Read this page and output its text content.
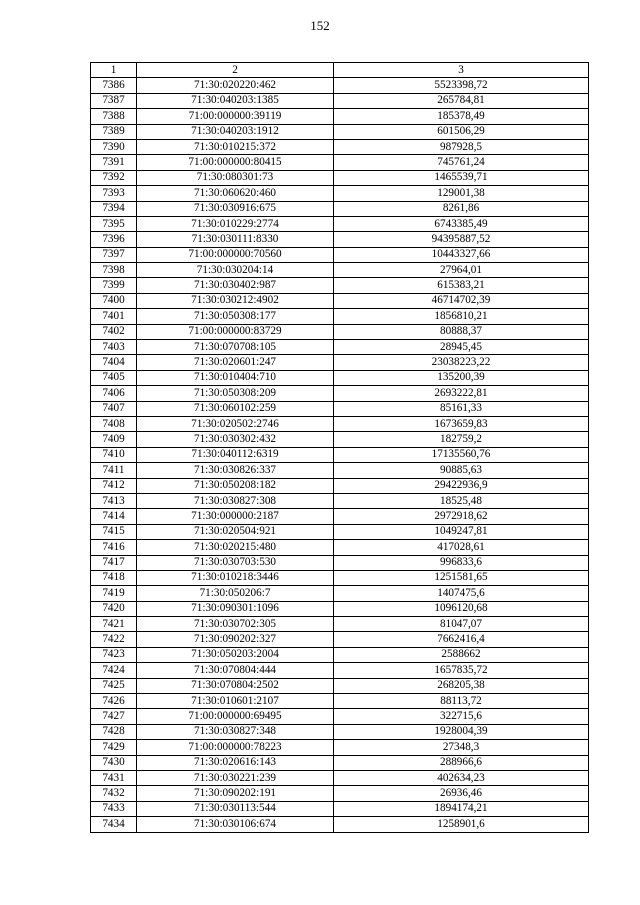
152
1	2	3
7386	71:30:020220:462	5523398,72
7387	71:30:040203:1385	265784,81
7388	71:00:000000:39119	185378,49
7389	71:30:040203:1912	601506,29
7390	71:30:010215:372	987928,5
7391	71:00:000000:80415	745761,24
7392	71:30:080301:73	1465539,71
7393	71:30:060620:460	129001,38
7394	71:30:030916:675	8261,86
7395	71:30:010229:2774	6743385,49
7396	71:30:030111:8330	94395887,52
7397	71:00:000000:70560	10443327,66
7398	71:30:030204:14	27964,01
7399	71:30:030402:987	615383,21
7400	71:30:030212:4902	46714702,39
7401	71:30:050308:177	1856810,21
7402	71:00:000000:83729	80888,37
7403	71:30:070708:105	28945,45
7404	71:30:020601:247	23038223,22
7405	71:30:010404:710	135200,39
7406	71:30:050308:209	2693222,81
7407	71:30:060102:259	85161,33
7408	71:30:020502:2746	1673659,83
7409	71:30:030302:432	182759,2
7410	71:30:040112:6319	17135560,76
7411	71:30:030826:337	90885,63
7412	71:30:050208:182	29422936,9
7413	71:30:030827:308	18525,48
7414	71:30:000000:2187	2972918,62
7415	71:30:020504:921	1049247,81
7416	71:30:020215:480	417028,61
7417	71:30:030703:530	996833,6
7418	71:30:010218:3446	1251581,65
7419	71:30:050206:7	1407475,6
7420	71:30:090301:1096	1096120,68
7421	71:30:030702:305	81047,07
7422	71:30:090202:327	7662416,4
7423	71:30:050203:2004	2588662
7424	71:30:070804:444	1657835,72
7425	71:30:070804:2502	268205,38
7426	71:30:010601:2107	88113,72
7427	71:00:000000:69495	322715,6
7428	71:30:030827:348	1928004,39
7429	71:00:000000:78223	27348,3
7430	71:30:020616:143	288966,6
7431	71:30:030221:239	402634,23
7432	71:30:090202:191	26936,46
7433	71:30:030113:544	1894174,21
7434	71:30:030106:674	1258901,6
